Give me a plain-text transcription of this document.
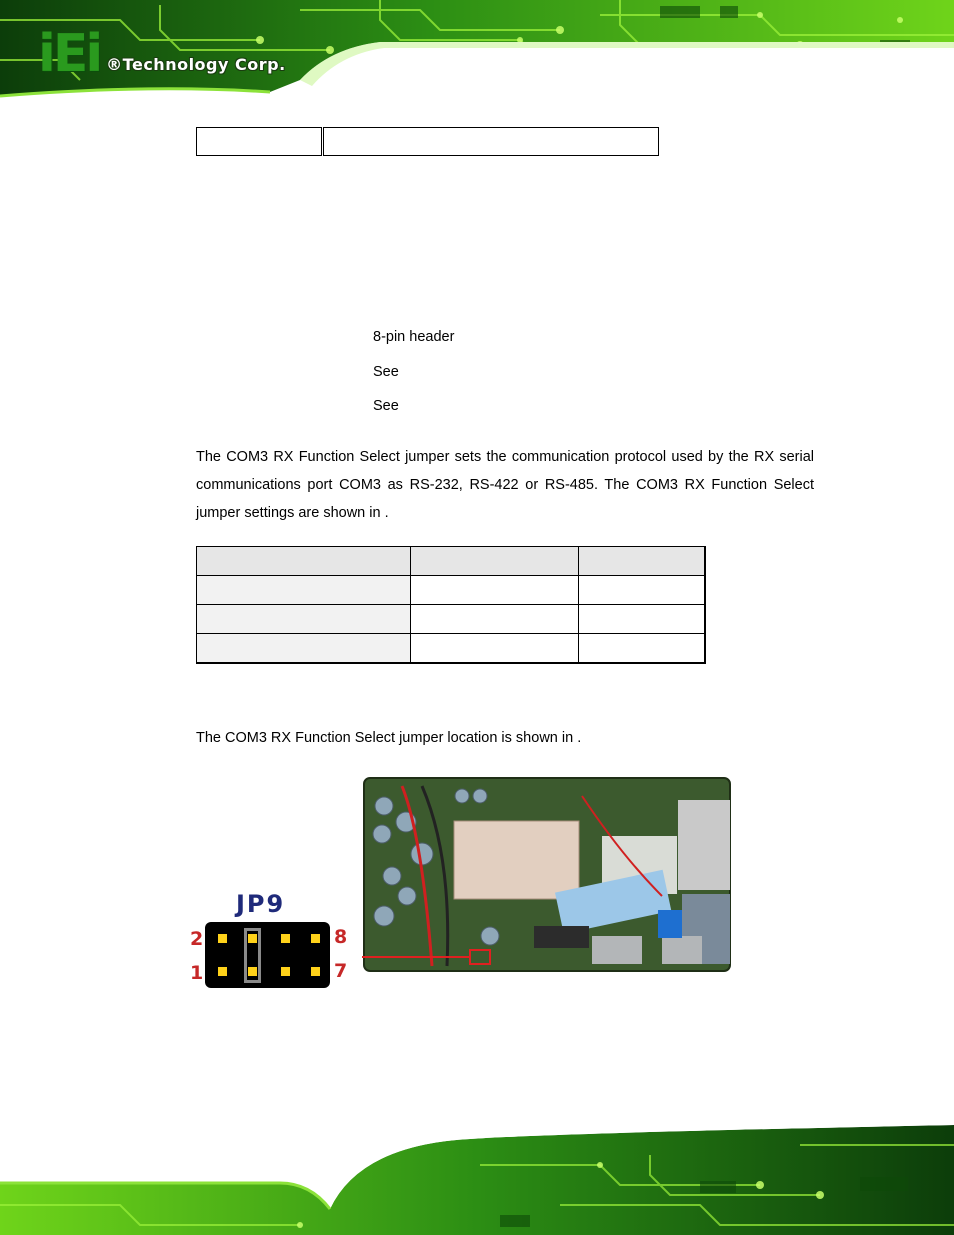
iEi ®Technology Corp.

8-pin header
See
See

The COM3 RX Function Select jumper sets the communication protocol used by the RX serial communications port COM3 as RS-232, RS-422 or RS-485. The COM3 RX Function Select jumper settings are shown in .

The COM3 RX Function Select jumper location is shown in .

JP9
2
1
8
7
